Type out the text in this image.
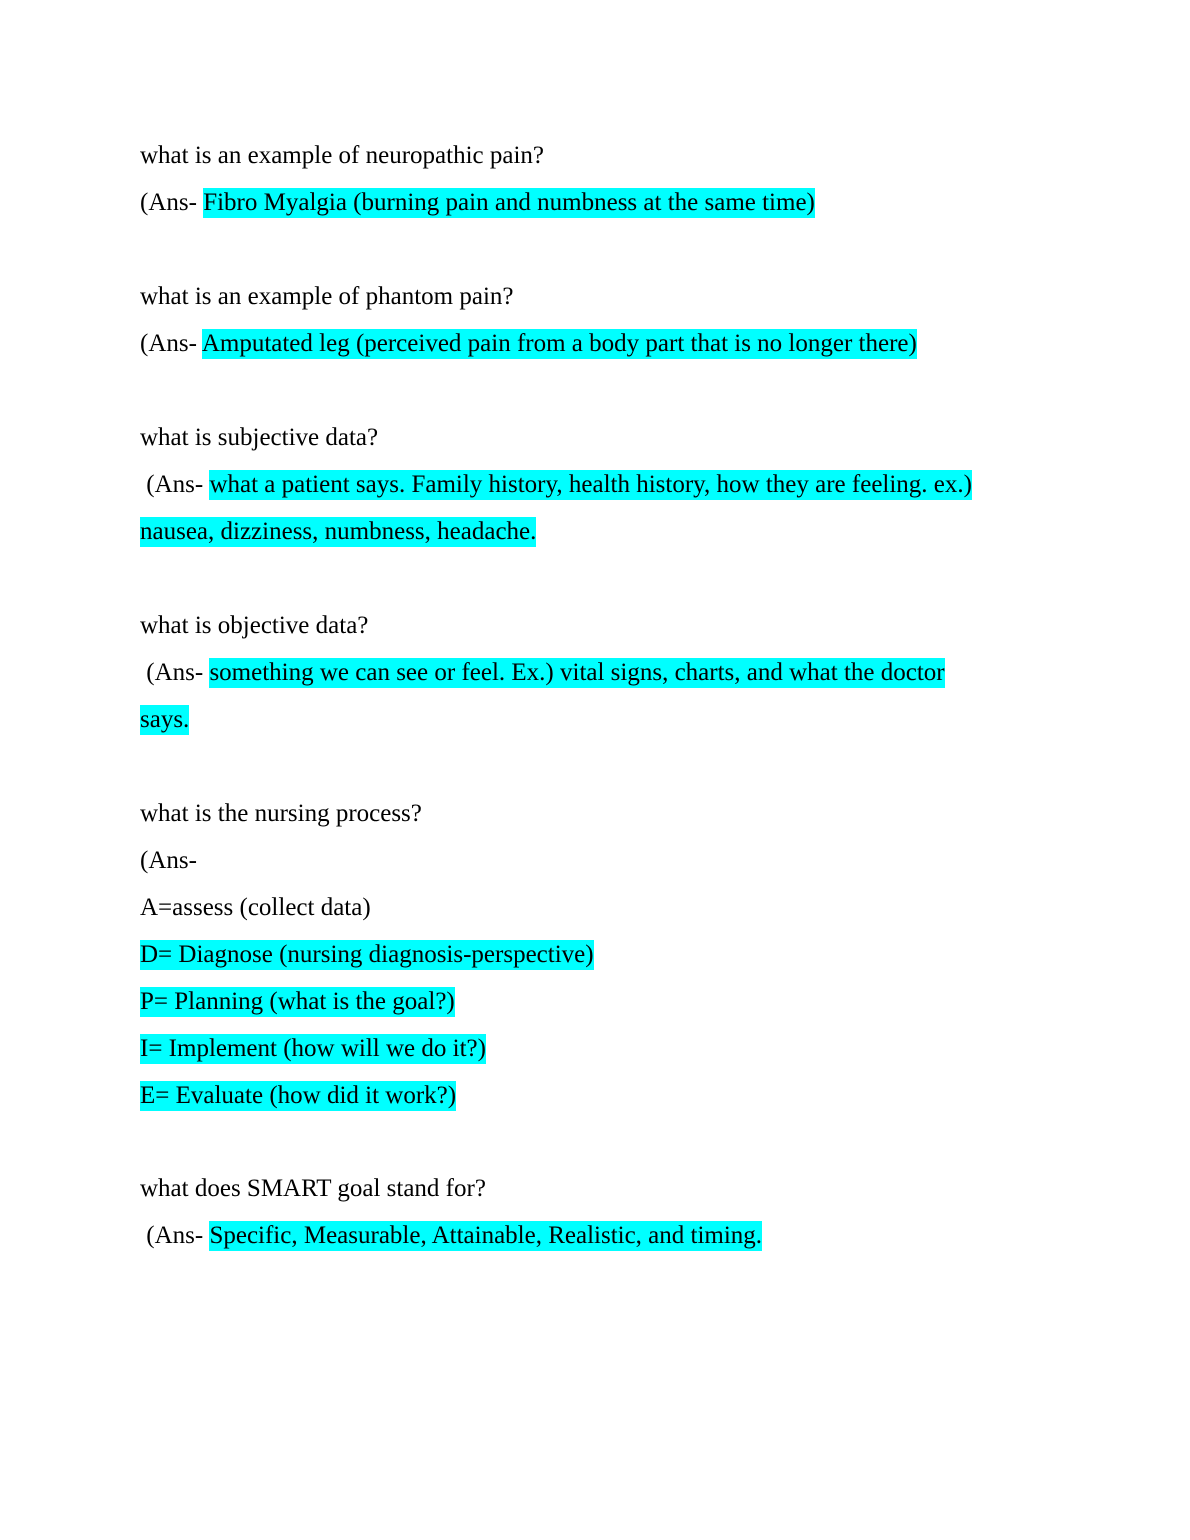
what is an example of neuropathic pain?
(Ans- Fibro Myalgia (burning pain and numbness at the same time)
what is an example of phantom pain?
(Ans- Amputated leg (perceived pain from a body part that is no longer there)
what is subjective data?
(Ans- what a patient says. Family history, health history, how they are feeling. ex.)
nausea, dizziness, numbness, headache.
what is objective data?
(Ans- something we can see or feel. Ex.) vital signs, charts, and what the doctor
says.
what is the nursing process?
(Ans-
A=assess (collect data)
D= Diagnose (nursing diagnosis-perspective)
P= Planning (what is the goal?)
I= Implement (how will we do it?)
E= Evaluate (how did it work?)
what does SMART goal stand for?
(Ans- Specific, Measurable, Attainable, Realistic, and timing.
